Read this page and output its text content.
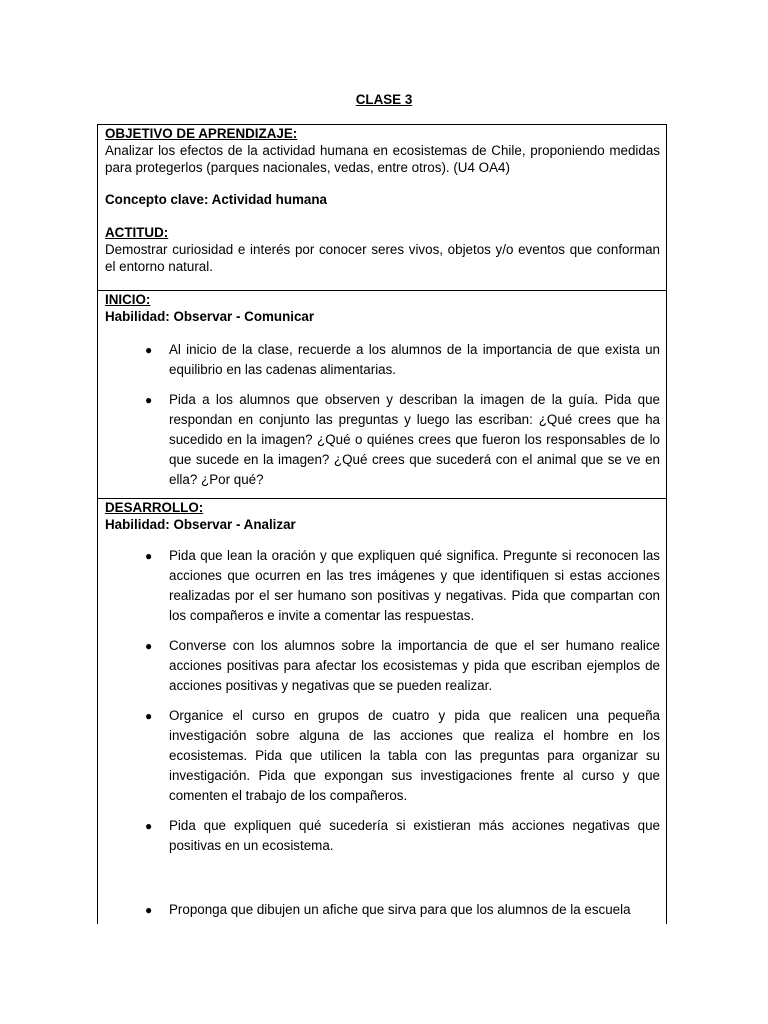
CLASE 3
OBJETIVO DE APRENDIZAJE:

Analizar los efectos de la actividad humana en ecosistemas de Chile, proponiendo medidas para protegerlos (parques nacionales, vedas, entre otros). (U4 OA4)

Concepto clave: Actividad humana
ACTITUD:

Demostrar curiosidad e interés por conocer seres vivos, objetos y/o eventos que conforman el entorno natural.

INICIO:
Habilidad: Observar - Comunicar
● Al inicio de la clase, recuerde a los alumnos de la importancia de que exista un equilibrio en las cadenas alimentarias.
● Pida a los alumnos que observen y describan la imagen de la guía. Pida que respondan en conjunto las preguntas y luego las escriban: ¿Qué crees que ha sucedido en la imagen? ¿Qué o quiénes crees que fueron los responsables de lo que sucede en la imagen? ¿Qué crees que sucederá con el animal que se ve en ella? ¿Por qué?
DESARROLLO:
Habilidad: Observar - Analizar
● Pida que lean la oración y que expliquen qué significa. Pregunte si reconocen las acciones que ocurren en las tres imágenes y que identifiquen si estas acciones realizadas por el ser humano son positivas y negativas. Pida que compartan con los compañeros e invite a comentar las respuestas.
● Converse con los alumnos sobre la importancia de que el ser humano realice acciones positivas para afectar los ecosistemas y pida que escriban ejemplos de acciones positivas y negativas que se pueden realizar.
● Organice el curso en grupos de cuatro y pida que realicen una pequeña investigación sobre alguna de las acciones que realiza el hombre en los ecosistemas. Pida que utilicen la tabla con las preguntas para organizar su investigación. Pida que expongan sus investigaciones frente al curso y que comenten el trabajo de los compañeros.
● Pida que expliquen qué sucedería si existieran más acciones negativas que positivas en un ecosistema.
● Proponga que dibujen un afiche que sirva para que los alumnos de la escuela
